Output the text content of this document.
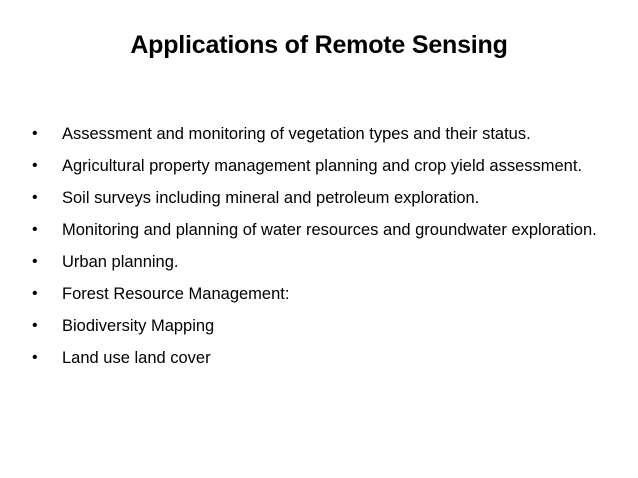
Applications of Remote Sensing
•	Assessment and monitoring of vegetation types and their status.
•	Agricultural property management planning and crop yield assessment.
•	Soil surveys including mineral and petroleum exploration.
•	Monitoring and planning of water resources and groundwater exploration.
•	Urban planning.
•	Forest Resource Management:
•	Biodiversity Mapping
•	Land use land cover
